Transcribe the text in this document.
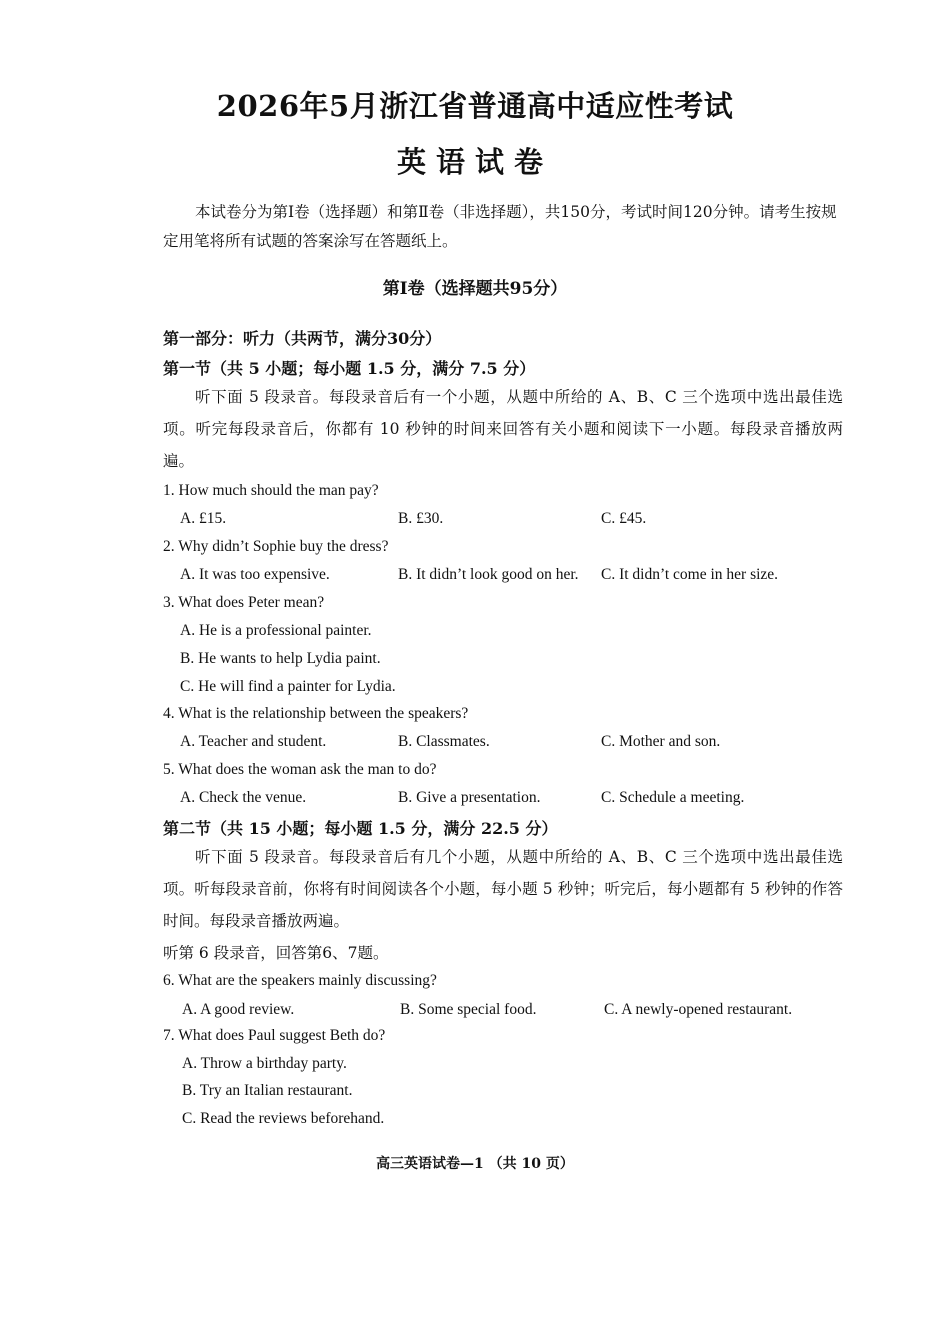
2026年5月浙江省普通高中适应性考试
英语试卷
本试卷分为第Ⅰ卷（选择题）和第Ⅱ卷（非选择题），共150分，考试时间120分钟。请考生按规定用笔将所有试题的答案涂写在答题纸上。
第Ⅰ卷（选择题共95分）
第一部分：听力（共两节，满分30分）
第一节（共 5 小题；每小题 1.5 分，满分 7.5 分）
听下面 5 段录音。每段录音后有一个小题，从题中所给的 A、B、C 三个选项中选出最佳选项。听完每段录音后，你都有 10 秒钟的时间来回答有关小题和阅读下一小题。每段录音播放两遍。
1. How much should the man pay?
A. £15.	B. £30.	C. £45.
2. Why didn’t Sophie buy the dress?
A. It was too expensive.	B. It didn’t look good on her. C. It didn’t come in her size.
3. What does Peter mean?
A. He is a professional painter.
B. He wants to help Lydia paint.
C. He will find a painter for Lydia.
4. What is the relationship between the speakers?
A. Teacher and student.	B. Classmates.	C. Mother and son.
5. What does the woman ask the man to do?
A. Check the venue.	B. Give a presentation.	C. Schedule a meeting.
第二节（共 15 小题；每小题 1.5 分，满分 22.5 分）
听下面 5 段录音。每段录音后有几个小题，从题中所给的 A、B、C 三个选项中选出最佳选项。听每段录音前，你将有时间阅读各个小题，每小题 5 秒钟；听完后，每小题都有 5 秒钟的作答时间。每段录音播放两遍。
听第 6 段录音，回答第6、7题。
6. What are the speakers mainly discussing?
A. A good review.	B. Some special food.	C. A newly-opened restaurant.
7. What does Paul suggest Beth do?
A. Throw a birthday party.
B. Try an Italian restaurant.
C. Read the reviews beforehand.
高三英语试卷—1 （共 10 页）
